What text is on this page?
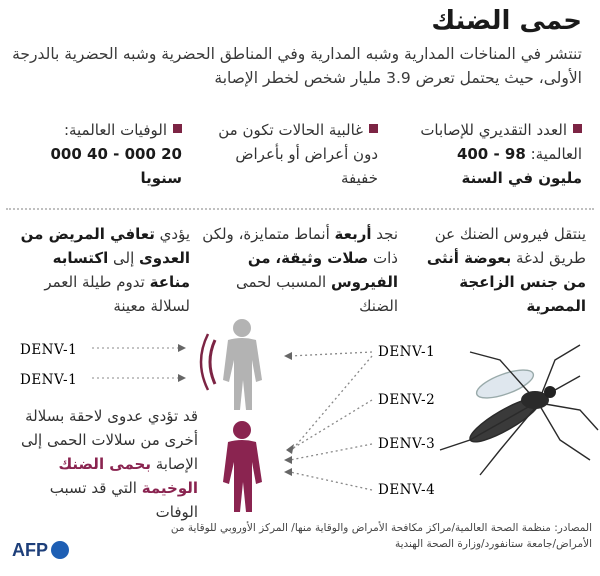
حمى الضنك
تنتشر في المناخات المدارية وشبه المدارية وفي المناطق الحضرية وشبه الحضرية بالدرجة الأولى، حيث يحتمل تعرض 3.9 مليار شخص لخطر الإصابة
العدد التقديري للإصابات العالمية: 98 - 400
مليون في السنة
غالبية الحالات تكون من دون أعراض أو بأعراض خفيفة
الوفيات العالمية:
20 000 - 40 000
سنويا
ينتقل فيروس الضنك عن طريق لدغة بعوضة أنثى من جنس الزاعجة المصرية
نجد أربعة أنماط متمايزة، ولكن ذات صلات وثيقة، من الفيروس المسبب لحمى الضنك
يؤدي تعافي المريض من العدوى إلى اكتسابه مناعة تدوم طيلة العمر لسلالة معينة
قد تؤدي عدوى لاحقة بسلالة أخرى من سلالات الحمى إلى الإصابة بحمى الضنك الوخيمة التي قد تسبب الوفات
DENV-1
DENV-1
DENV-1
DENV-2
DENV-3
DENV-4
المصادر: منظمة الصحة العالمية/مراكز مكافحة الأمراض والوقاية منها/ المركز الأوروبي للوقاية من الأمراض/جامعة ستانفورد/وزارة الصحة الهندية
AFP
